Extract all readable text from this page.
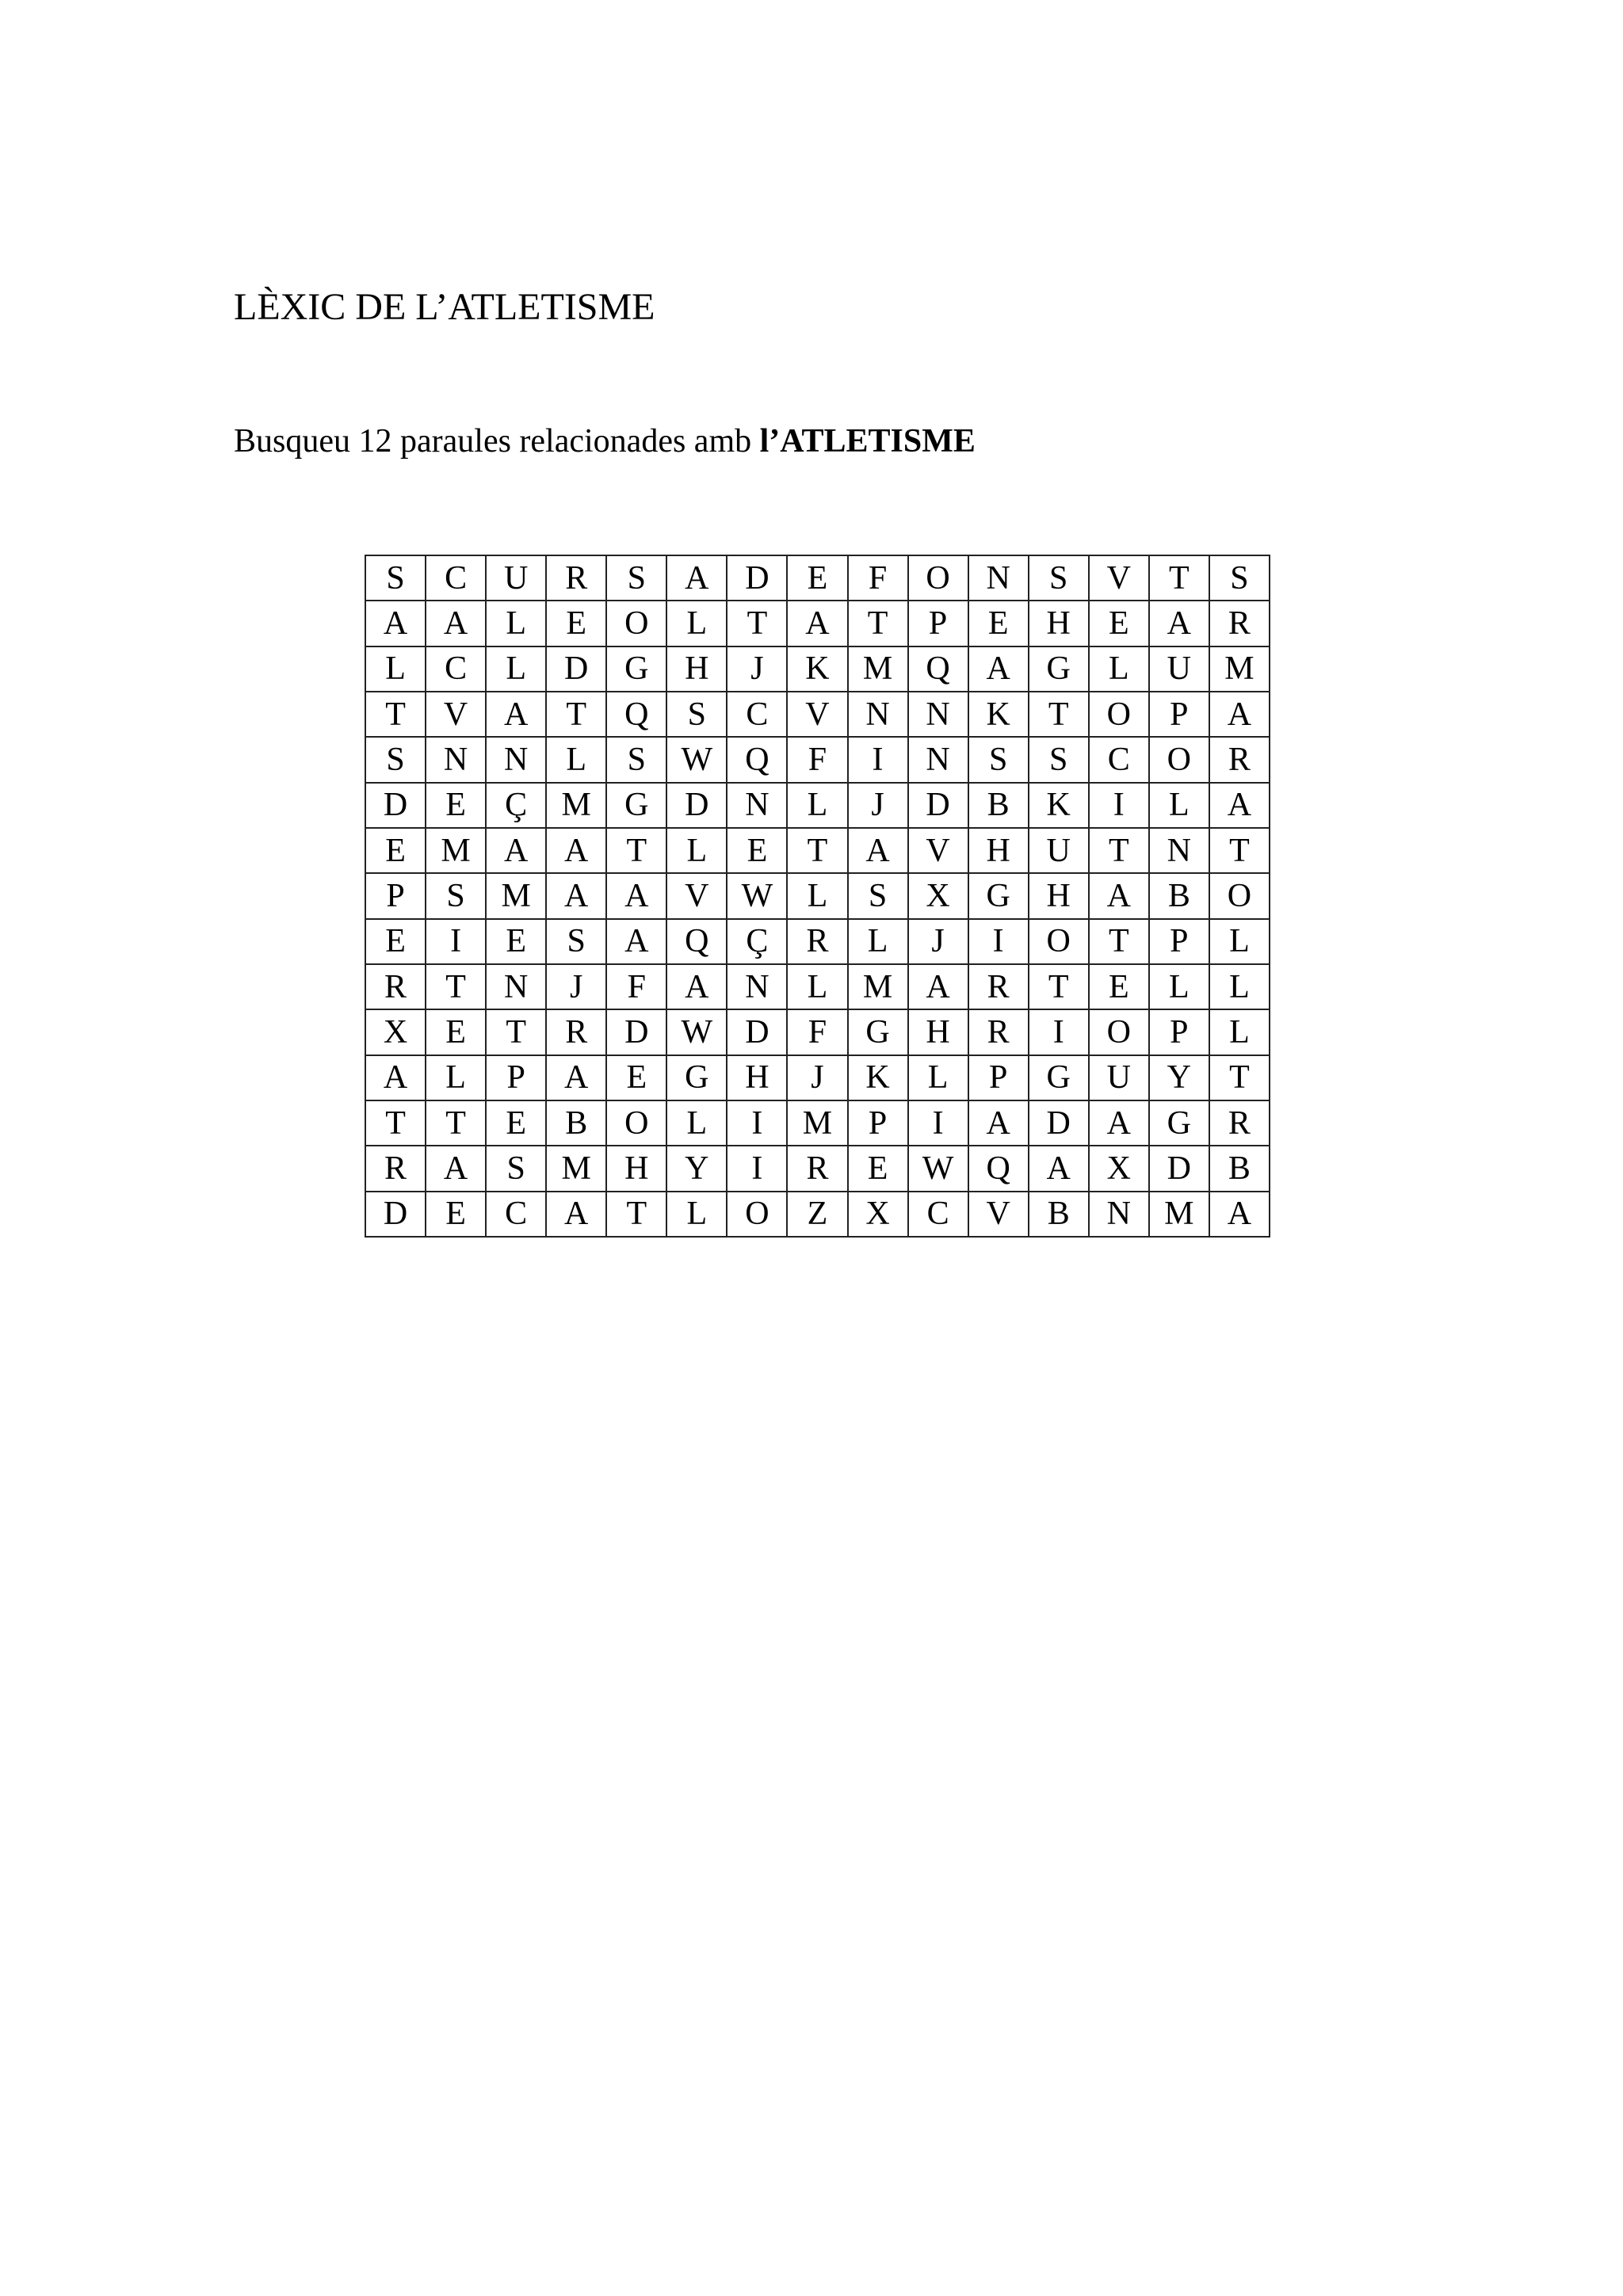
LÈXIC DE L’ATLETISME
Busqueu 12 paraules relacionades amb l’ATLETISME
S	C	U	R	S	A	D	E	F	O	N	S	V	T	S
A	A	L	E	O	L	T	A	T	P	E	H	E	A	R
L	C	L	D	G	H	J	K	M	Q	A	G	L	U	M
T	V	A	T	Q	S	C	V	N	N	K	T	O	P	A
S	N	N	L	S	W	Q	F	I	N	S	S	C	O	R
D	E	Ç	M	G	D	N	L	J	D	B	K	I	L	A
E	M	A	A	T	L	E	T	A	V	H	U	T	N	T
P	S	M	A	A	V	W	L	S	X	G	H	A	B	O
E	I	E	S	A	Q	Ç	R	L	J	I	O	T	P	L
R	T	N	J	F	A	N	L	M	A	R	T	E	L	L
X	E	T	R	D	W	D	F	G	H	R	I	O	P	L
A	L	P	A	E	G	H	J	K	L	P	G	U	Y	T
T	T	E	B	O	L	I	M	P	I	A	D	A	G	R
R	A	S	M	H	Y	I	R	E	W	Q	A	X	D	B
D	E	C	A	T	L	O	Z	X	C	V	B	N	M	A
